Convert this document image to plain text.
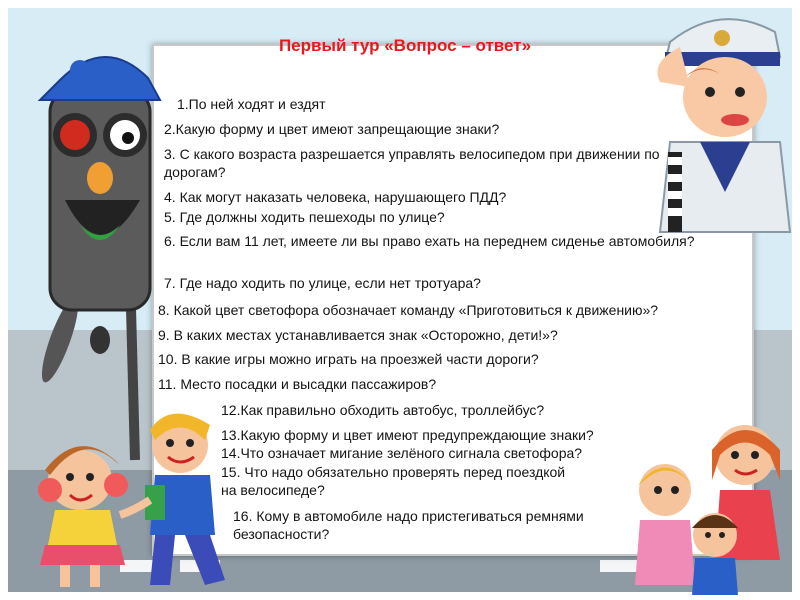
Первый тур «Вопрос – ответ»
1.По ней ходят и ездят
2.Какую форму и цвет имеют запрещающие знаки?
3. С какого возраста разрешается управлять велосипедом при движении по дорогам?
4. Как могут наказать человека, нарушающего ПДД?
5. Где должны ходить пешеходы по улице?
6. Если вам 11 лет, имеете ли вы право ехать на переднем сиденье автомобиля?
7. Где надо ходить по улице, если нет тротуара?
8. Какой цвет светофора обозначает команду «Приготовиться к движению»?
9. В каких местах устанавливается знак «Осторожно, дети!»?
10. В какие игры можно играть на проезжей части дороги?
11. Место посадки и высадки пассажиров?
12.Как правильно обходить автобус, троллейбус?
13.Какую форму и цвет имеют предупреждающие знаки?
14.Что означает мигание зелёного сигнала светофора?
15. Что надо обязательно проверять перед поездкой на велосипеде?
16. Кому в автомобиле надо пристегиваться ремнями безопасности?
